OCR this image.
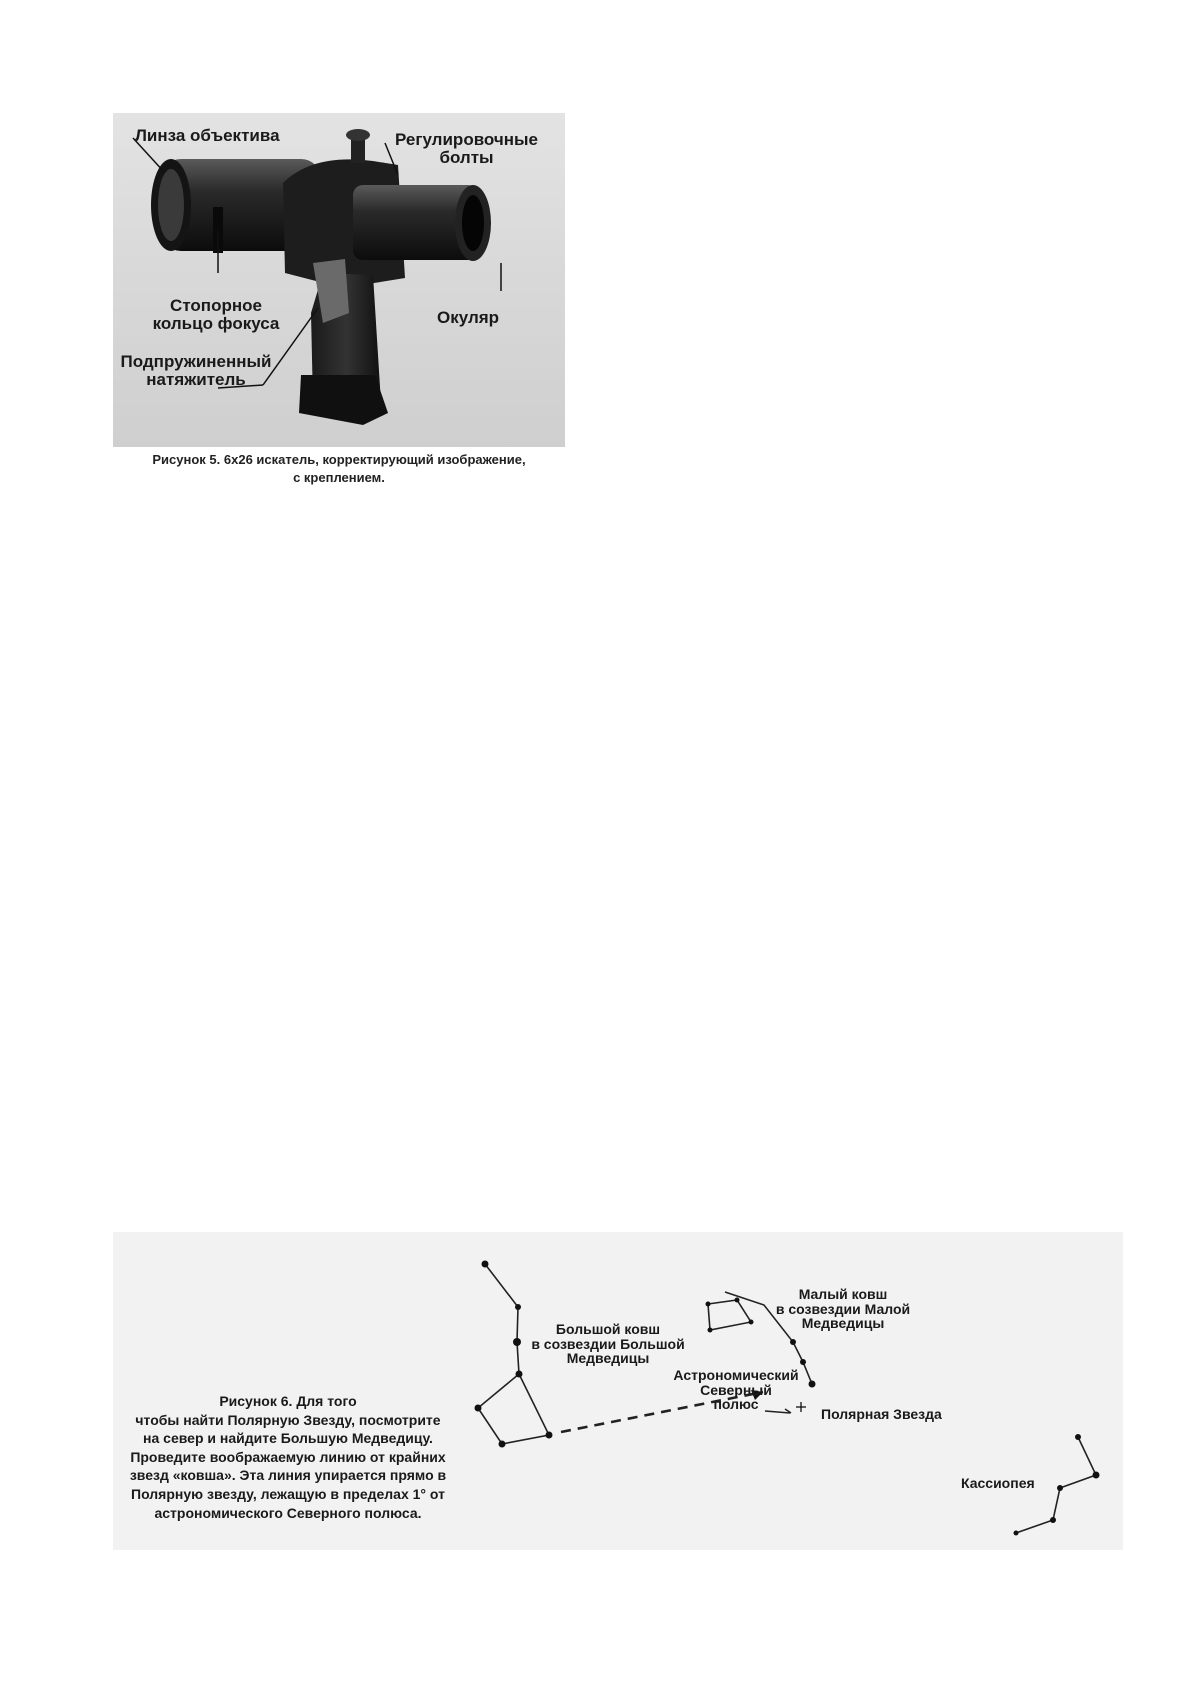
Линза объектива	Регулировочные
болты
Стопорное
кольцо фокуса	Окуляр
Подпружиненный
натяжитель
Рисунок 5. 6x26 искатель, корректирующий изображение,
с креплением.
Большой ковш
в созвездии Большой
Медведицы
Малый ковш
в созвездии Малой
Медведицы
Астрономический
Северный
полюс
Полярная Звезда
Кассиопея
Рисунок 6. Для того
чтобы найти Полярную Звезду, посмотрите
на север и найдите Большую Медведицу.
Проведите воображаемую линию от крайних
звезд «ковша». Эта линия упирается прямо в
Полярную звезду, лежащую в пределах 1° от
астрономического Северного полюса.
